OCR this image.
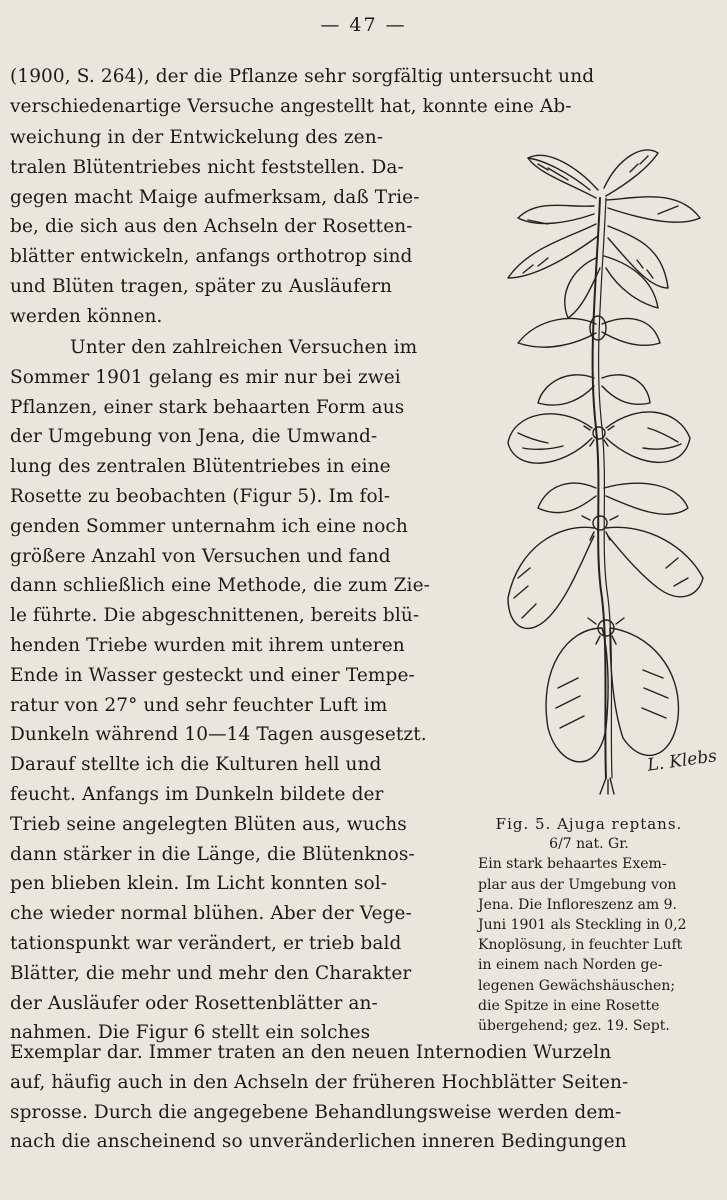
— 47 —
(1900, S. 264), der die Pflanze sehr sorgfältig untersucht und
verschiedenartige Versuche angestellt hat, konnte eine Ab-
weichung in der Entwickelung des zen-
tralen Blütentriebes nicht feststellen. Da-
gegen macht Maige aufmerksam, daß Trie-
be, die sich aus den Achseln der Rosetten-
blätter entwickeln, anfangs orthotrop sind
und Blüten tragen, später zu Ausläufern
werden können.
Unter den zahlreichen Versuchen im
Sommer 1901 gelang es mir nur bei zwei
Pflanzen, einer stark behaarten Form aus
der Umgebung von Jena, die Umwand-
lung des zentralen Blütentriebes in eine
Rosette zu beobachten (Figur 5). Im fol-
genden Sommer unternahm ich eine noch
größere Anzahl von Versuchen und fand
dann schließlich eine Methode, die zum Zie-
le führte. Die abgeschnittenen, bereits blü-
henden Triebe wurden mit ihrem unteren
Ende in Wasser gesteckt und einer Tempe-
ratur von 27° und sehr feuchter Luft im
Dunkeln während 10—14 Tagen ausgesetzt.
Darauf stellte ich die Kulturen hell und
feucht. Anfangs im Dunkeln bildete der
Trieb seine angelegten Blüten aus, wuchs
dann stärker in die Länge, die Blütenknos-
pen blieben klein. Im Licht konnten sol-
che wieder normal blühen. Aber der Vege-
tationspunkt war verändert, er trieb bald
Blätter, die mehr und mehr den Charakter
der Ausläufer oder Rosettenblätter an-
nahmen. Die Figur 6 stellt ein solches
Exemplar dar. Immer traten an den neuen Internodien Wurzeln
auf, häufig auch in den Achseln der früheren Hochblätter Seiten-
sprosse. Durch die angegebene Behandlungsweise werden dem-
nach die anscheinend so unveränderlichen inneren Bedingungen
L. Klebs.
Fig. 5. Ajuga reptans.
6/7 nat. Gr.
Ein stark behaartes Exem-
plar aus der Umgebung von
Jena. Die Infloreszenz am 9.
Juni 1901 als Steckling in 0,2
Knoplösung, in feuchter Luft
in einem nach Norden ge-
legenen Gewächshäuschen;
die Spitze in eine Rosette
übergehend; gez. 19. Sept.
